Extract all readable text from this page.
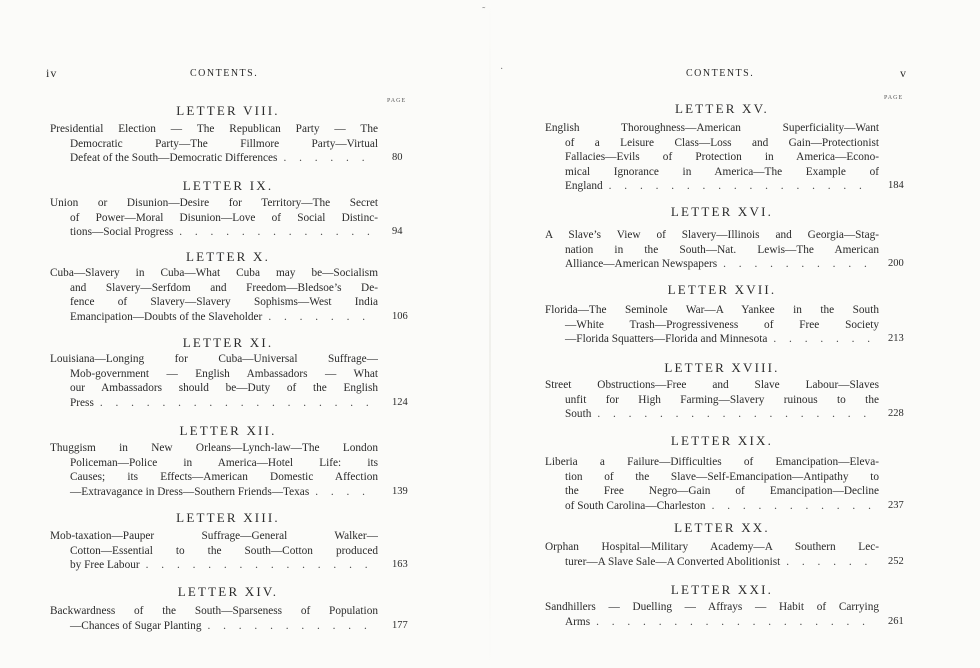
˜
·
iv	CONTENTS.
PAGE
LETTER VIII.
Presidential Election — The Republican Party — The
Democratic Party—The Fillmore Party—Virtual
Defeat of the South—Democratic Differences . . .	80
LETTER IX.
Union or Disunion—Desire for Territory—The Secret
of Power—Moral Disunion—Love of Social Distinc-
tions—Social Progress . . .	94
LETTER X.
Cuba—Slavery in Cuba—What Cuba may be—Socialism
and Slavery—Serfdom and Freedom—Bledsoe’s De-
fence of Slavery—Slavery Sophisms—West India
Emancipation—Doubts of the Slaveholder . . .	106
LETTER XI.
Louisiana—Longing for Cuba—Universal Suffrage—
Mob-government — English Ambassadors — What
our Ambassadors should be—Duty of the English
Press . . .	124
LETTER XII.
Thuggism in New Orleans—Lynch-law—The London
Policeman—Police in America—Hotel Life: its
Causes; its Effects—American Domestic Affection
—Extravagance in Dress—Southern Friends—Texas . . .	139
LETTER XIII.
Mob-taxation—Pauper Suffrage—General Walker—
Cotton—Essential to the South—Cotton produced
by Free Labour . . .	163
LETTER XIV.
Backwardness of the South—Sparseness of Population
—Chances of Sugar Planting . . .	177
v
CONTENTS.
PAGE
LETTER XV.
English Thoroughness—American Superficiality—Want
of a Leisure Class—Loss and Gain—Protectionist
Fallacies—Evils of Protection in America—Econo-
mical Ignorance in America—The Example of
England . . .	184
LETTER XVI.
A Slave’s View of Slavery—Illinois and Georgia—Stag-
nation in the South—Nat. Lewis—The American
Alliance—American Newspapers . . .	200
LETTER XVII.
Florida—The Seminole War—A Yankee in the South
—White Trash—Progressiveness of Free Society
—Florida Squatters—Florida and Minnesota . . .	213
LETTER XVIII.
Street Obstructions—Free and Slave Labour—Slaves
unfit for High Farming—Slavery ruinous to the
South . . .	228
LETTER XIX.
Liberia a Failure—Difficulties of Emancipation—Eleva-
tion of the Slave—Self-Emancipation—Antipathy to
the Free Negro—Gain of Emancipation—Decline
of South Carolina—Charleston . . .	237
LETTER XX.
Orphan Hospital—Military Academy—A Southern Lec-
turer—A Slave Sale—A Converted Abolitionist . . .	252
LETTER XXI.
Sandhillers — Duelling — Affrays — Habit of Carrying
Arms . . .	261
